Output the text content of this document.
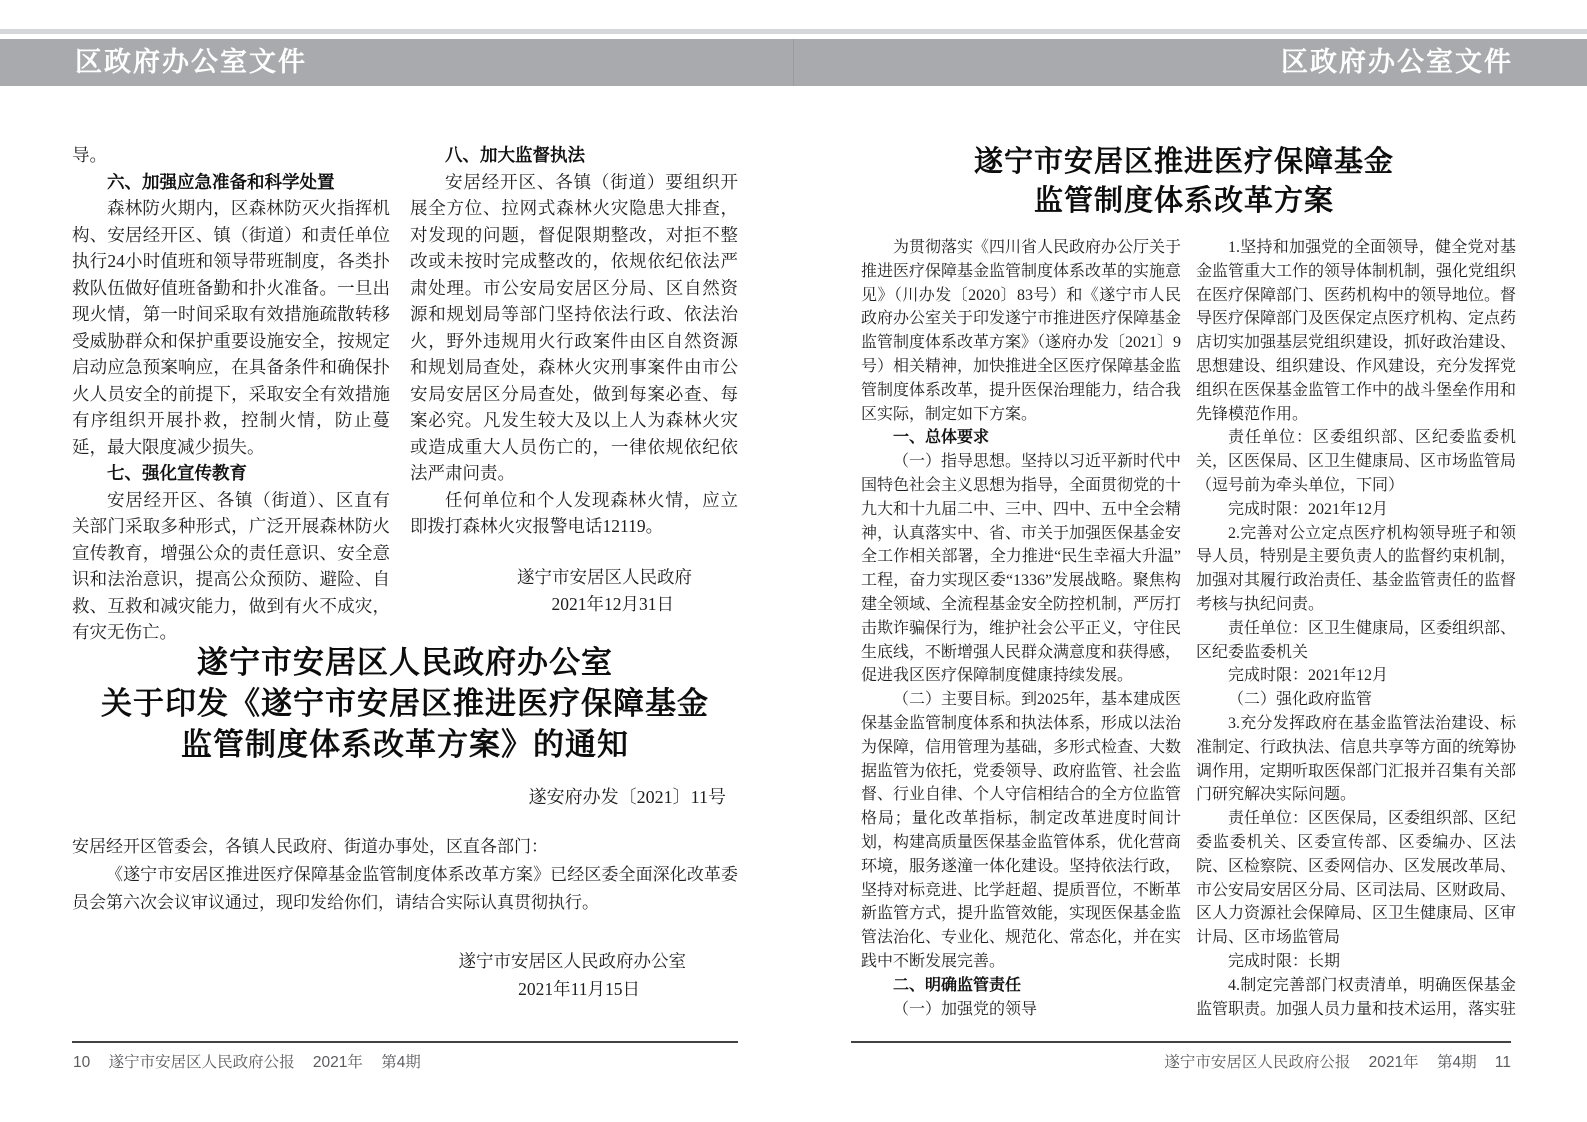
区政府办公室文件	区政府办公室文件

导。

六、加强应急准备和科学处置

森林防火期内，区森林防灭火指挥机构、安居经开区、镇（街道）和责任单位执行24小时值班和领导带班制度，各类扑救队伍做好值班备勤和扑火准备。一旦出现火情，第一时间采取有效措施疏散转移受威胁群众和保护重要设施安全，按规定启动应急预案响应，在具备条件和确保扑火人员安全的前提下，采取安全有效措施有序组织开展扑救，控制火情，防止蔓延，最大限度减少损失。

七、强化宣传教育

安居经开区、各镇（街道）、区直有关部门采取多种形式，广泛开展森林防火宣传教育，增强公众的责任意识、安全意识和法治意识，提高公众预防、避险、自救、互救和减灾能力，做到有火不成灾，有灾无伤亡。

八、加大监督执法

安居经开区、各镇（街道）要组织开展全方位、拉网式森林火灾隐患大排查，对发现的问题，督促限期整改，对拒不整改或未按时完成整改的，依规依纪依法严肃处理。市公安局安居区分局、区自然资源和规划局等部门坚持依法行政、依法治火，野外违规用火行政案件由区自然资源和规划局查处，森林火灾刑事案件由市公安局安居区分局查处，做到每案必查、每案必究。凡发生较大及以上人为森林火灾或造成重大人员伤亡的，一律依规依纪依法严肃问责。

任何单位和个人发现森林火情，应立即拨打森林火灾报警电话12119。

遂宁市安居区人民政府

2021年12月31日

遂宁市安居区人民政府办公室
关于印发《遂宁市安居区推进医疗保障基金
监管制度体系改革方案》的通知
遂安府办发〔2021〕11号

安居经开区管委会，各镇人民政府、街道办事处，区直各部门：

《遂宁市安居区推进医疗保障基金监管制度体系改革方案》已经区委全面深化改革委员会第六次会议审议通过，现印发给你们，请结合实际认真贯彻执行。

遂宁市安居区人民政府办公室

2021年11月15日

10 遂宁市安居区人民政府公报 2021年 第4期
遂宁市安居区推进医疗保障基金
监管制度体系改革方案

为贯彻落实《四川省人民政府办公厅关于推进医疗保障基金监管制度体系改革的实施意见》（川办发〔2020〕83号）和《遂宁市人民政府办公室关于印发遂宁市推进医疗保障基金监管制度体系改革方案》（遂府办发〔2021〕9号）相关精神，加快推进全区医疗保障基金监管制度体系改革，提升医保治理能力，结合我区实际，制定如下方案。

一、总体要求

（一）指导思想。坚持以习近平新时代中国特色社会主义思想为指导，全面贯彻党的十九大和十九届二中、三中、四中、五中全会精神，认真落实中、省、市关于加强医保基金安全工作相关部署，全力推进“民生幸福大升温”工程，奋力实现区委“1336”发展战略。聚焦构建全领域、全流程基金安全防控机制，严厉打击欺诈骗保行为，维护社会公平正义，守住民生底线，不断增强人民群众满意度和获得感，促进我区医疗保障制度健康持续发展。

（二）主要目标。到2025年，基本建成医保基金监管制度体系和执法体系，形成以法治为保障，信用管理为基础，多形式检查、大数据监管为依托，党委领导、政府监管、社会监督、行业自律、个人守信相结合的全方位监管格局；量化改革指标，制定改革进度时间计划，构建高质量医保基金监管体系，优化营商环境，服务遂潼一体化建设。坚持依法行政，坚持对标竞进、比学赶超、提质晋位，不断革新监管方式，提升监管效能，实现医保基金监管法治化、专业化、规范化、常态化，并在实践中不断发展完善。

二、明确监管责任

（一）加强党的领导

1.坚持和加强党的全面领导，健全党对基金监管重大工作的领导体制机制，强化党组织在医疗保障部门、医药机构中的领导地位。督导医疗保障部门及医保定点医疗机构、定点药店切实加强基层党组织建设，抓好政治建设、思想建设、组织建设、作风建设，充分发挥党组织在医保基金监管工作中的战斗堡垒作用和先锋模范作用。

责任单位：区委组织部、区纪委监委机关，区医保局、区卫生健康局、区市场监管局（逗号前为牵头单位，下同）

完成时限：2021年12月

2.完善对公立定点医疗机构领导班子和领导人员，特别是主要负责人的监督约束机制，加强对其履行政治责任、基金监管责任的监督考核与执纪问责。

责任单位：区卫生健康局，区委组织部、区纪委监委机关

完成时限：2021年12月

（二）强化政府监管

3.充分发挥政府在基金监管法治建设、标准制定、行政执法、信息共享等方面的统筹协调作用，定期听取医保部门汇报并召集有关部门研究解决实际问题。

责任单位：区医保局，区委组织部、区纪委监委机关、区委宣传部、区委编办、区法院、区检察院、区委网信办、区发展改革局、市公安局安居区分局、区司法局、区财政局、区人力资源社会保障局、区卫生健康局、区审计局、区市场监管局

完成时限：长期

4.制定完善部门权责清单，明确医保基金监管职责。加强人员力量和技术运用，落实驻

遂宁市安居区人民政府公报 2021年 第4期 11
